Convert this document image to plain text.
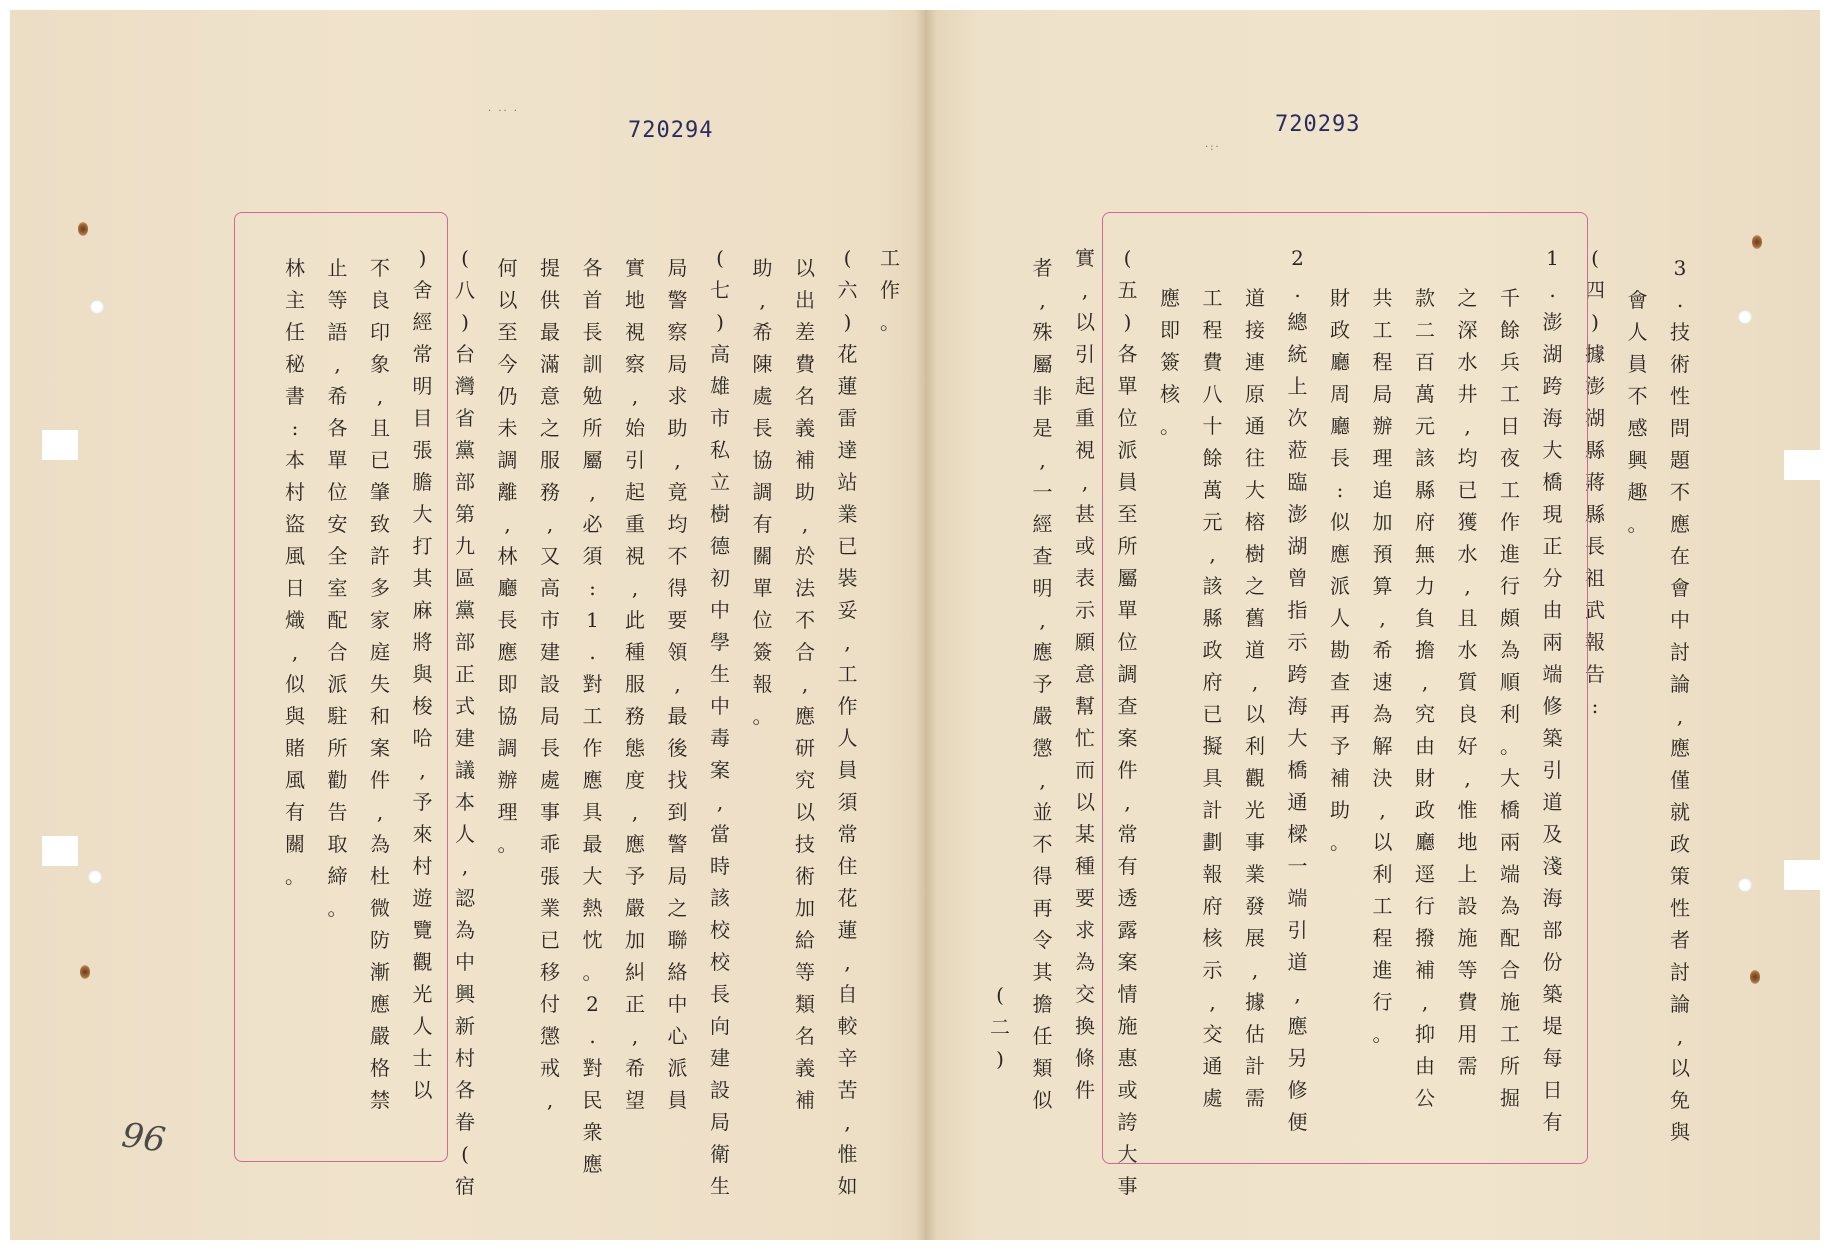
720294
· ·· ·
工
作
。
(
六
)
花
蓮
雷
達
站
業
已
裝
妥
,
工
作
人
員
須
常
住
花
蓮
,
自
較
辛
苦
,
惟
如
以
出
差
費
名
義
補
助
,
於
法
不
合
,
應
研
究
以
技
術
加
給
等
類
名
義
補
助
,
希
陳
處
長
協
調
有
關
單
位
簽
報
。
(
七
)
高
雄
市
私
立
樹
德
初
中
學
生
中
毒
案
,
當
時
該
校
校
長
向
建
設
局
衛
生
局
警
察
局
求
助
,
竟
均
不
得
要
領
,
最
後
找
到
警
局
之
聯
絡
中
心
派
員
實
地
視
察
,
始
引
起
重
視
,
此
種
服
務
態
度
,
應
予
嚴
加
糾
正
,
希
望
各
首
長
訓
勉
所
屬
,
必
須
:
1
.
對
工
作
應
具
最
大
熱
忱
。
2
.
對
民
衆
應
提
供
最
滿
意
之
服
務
,
又
高
市
建
設
局
長
處
事
乖
張
業
已
移
付
懲
戒
,
何
以
至
今
仍
未
調
離
,
林
廳
長
應
即
協
調
辦
理
。
(
八
)
台
灣
省
黨
部
第
九
區
黨
部
正
式
建
議
本
人
,
認
為
中
興
新
村
各
眷
(
宿
)
舍
經
常
明
目
張
膽
大
打
其
麻
將
與
梭
哈
,
予
來
村
遊
覽
觀
光
人
士
以
不
良
印
象
,
且
已
肇
致
許
多
家
庭
失
和
案
件
,
為
杜
微
防
漸
應
嚴
格
禁
止
等
語
,
希
各
單
位
安
全
室
配
合
派
駐
所
勸
告
取
締
。
林
主
任
秘
書
:
本
村
盜
風
日
熾
,
似
與
賭
風
有
關
。
96
720293
·:·
3
.
技
術
性
問
題
不
應
在
會
中
討
論
,
應
僅
就
政
策
性
者
討
論
,
以
免
與
會
人
員
不
感
興
趣
。
(
四
)
據
澎
湖
縣
蔣
縣
長
祖
武
報
告
:
1
.
澎
湖
跨
海
大
橋
現
正
分
由
兩
端
修
築
引
道
及
淺
海
部
份
築
堤
每
日
有
千
餘
兵
工
日
夜
工
作
進
行
頗
為
順
利
。
大
橋
兩
端
為
配
合
施
工
所
掘
之
深
水
井
,
均
已
獲
水
,
且
水
質
良
好
,
惟
地
上
設
施
等
費
用
需
款
二
百
萬
元
該
縣
府
無
力
負
擔
,
究
由
財
政
廳
逕
行
撥
補
,
抑
由
公
共
工
程
局
辦
理
追
加
預
算
,
希
速
為
解
決
,
以
利
工
程
進
行
。
財
政
廳
周
廳
長
:
似
應
派
人
勘
查
再
予
補
助
。
2
.
總
統
上
次
蒞
臨
澎
湖
曾
指
示
跨
海
大
橋
通
樑
一
端
引
道
,
應
另
修
便
道
接
連
原
通
往
大
榕
樹
之
舊
道
,
以
利
觀
光
事
業
發
展
,
據
估
計
需
工
程
費
八
十
餘
萬
元
,
該
縣
政
府
已
擬
具
計
劃
報
府
核
示
,
交
通
處
應
即
簽
核
。
(
五
)
各
單
位
派
員
至
所
屬
單
位
調
查
案
件
,
常
有
透
露
案
情
施
惠
或
誇
大
事
實
,
以
引
起
重
視
,
甚
或
表
示
願
意
幫
忙
而
以
某
種
要
求
為
交
換
條
件
者
,
殊
屬
非
是
,
一
經
查
明
,
應
予
嚴
懲
,
並
不
得
再
令
其
擔
任
類
似
(
二
)
